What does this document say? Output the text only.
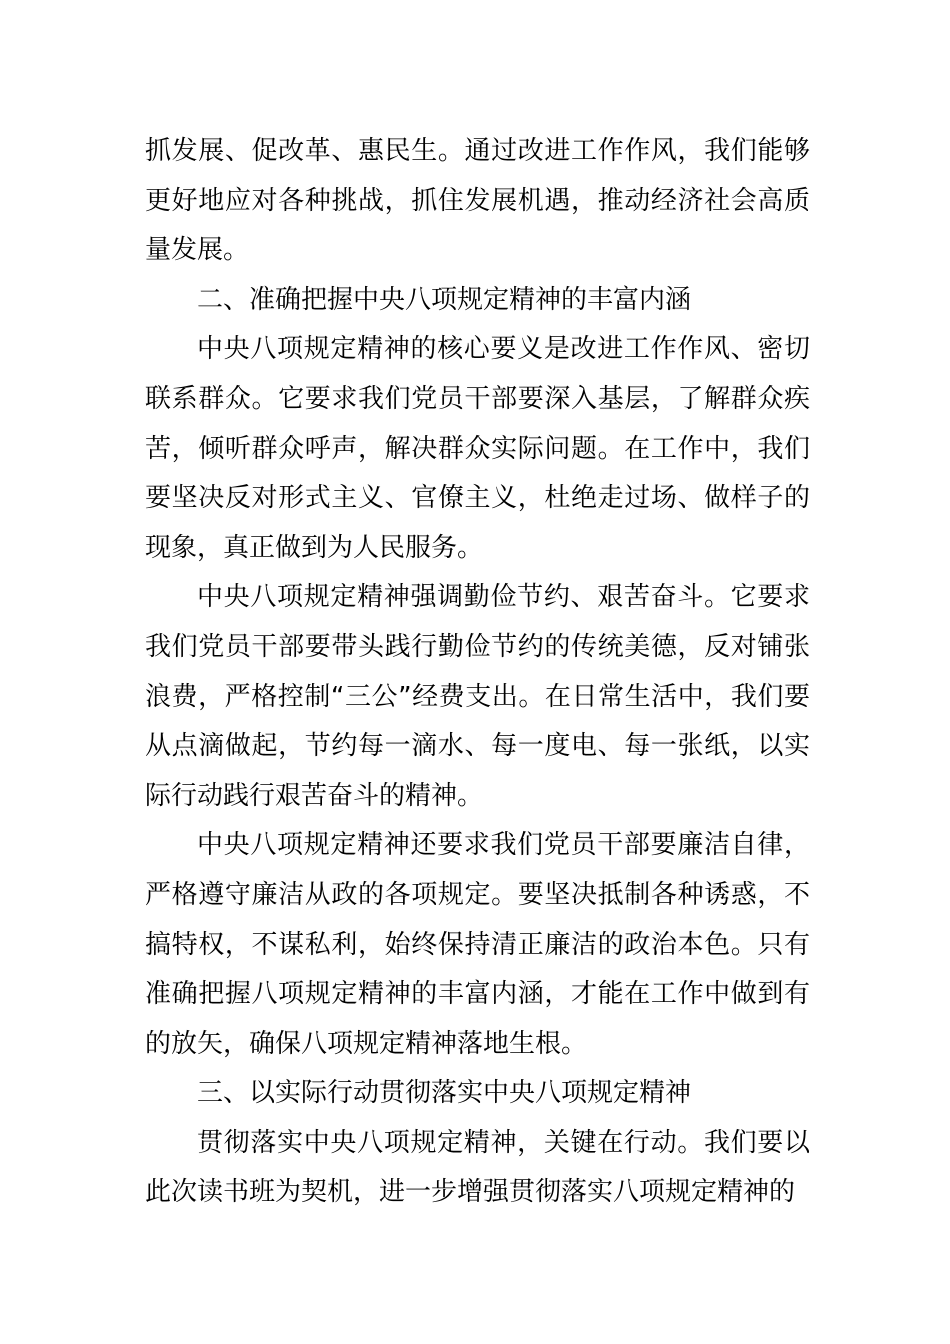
抓发展、促改革、惠民生。通过改进工作作风，我们能够更好地应对各种挑战，抓住发展机遇，推动经济社会高质量发展。

二、准确把握中央八项规定精神的丰富内涵

中央八项规定精神的核心要义是改进工作作风、密切联系群众。它要求我们党员干部要深入基层，了解群众疾苦，倾听群众呼声，解决群众实际问题。在工作中，我们要坚决反对形式主义、官僚主义，杜绝走过场、做样子的现象，真正做到为人民服务。

中央八项规定精神强调勤俭节约、艰苦奋斗。它要求我们党员干部要带头践行勤俭节约的传统美德，反对铺张浪费，严格控制“三公”经费支出。在日常生活中，我们要从点滴做起，节约每一滴水、每一度电、每一张纸，以实际行动践行艰苦奋斗的精神。

中央八项规定精神还要求我们党员干部要廉洁自律，严格遵守廉洁从政的各项规定。要坚决抵制各种诱惑，不搞特权，不谋私利，始终保持清正廉洁的政治本色。只有准确把握八项规定精神的丰富内涵，才能在工作中做到有的放矢，确保八项规定精神落地生根。

三、以实际行动贯彻落实中央八项规定精神

贯彻落实中央八项规定精神，关键在行动。我们要以此次读书班为契机，进一步增强贯彻落实八项规定精神的
